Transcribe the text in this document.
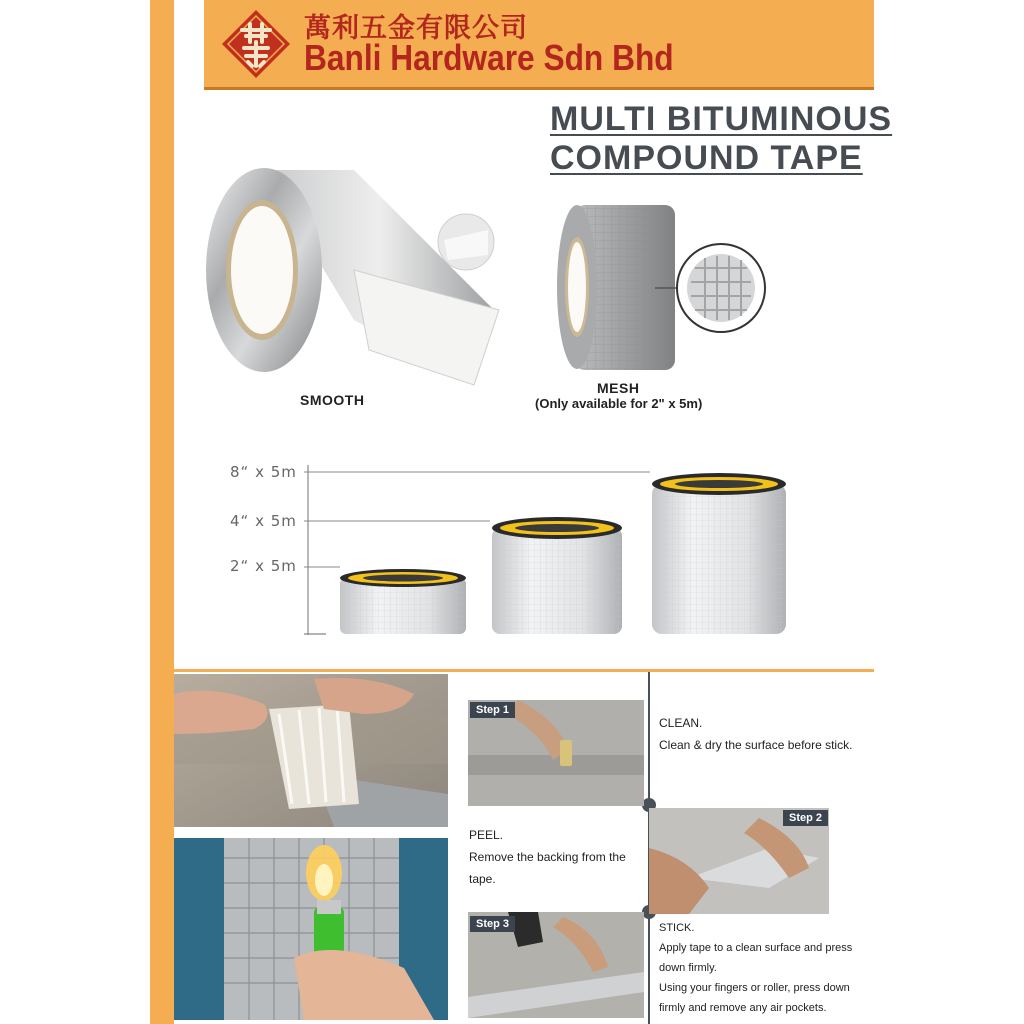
萬利五金有限公司
Banli Hardware Sdn Bhd
MULTI BITUMINOUS
COMPOUND TAPE
SMOOTH
MESH
(Only available for 2" x 5m)
8“ x 5m
4“ x 5m
2“ x 5m
Step 1
CLEAN.
Clean & dry the surface before stick.
Step 2
PEEL.
Remove the backing from the
tape.
Step 3	STICK.
Apply tape to a clean surface and press
down firmly.
Using your fingers or roller, press down
firmly and remove any air pockets.
